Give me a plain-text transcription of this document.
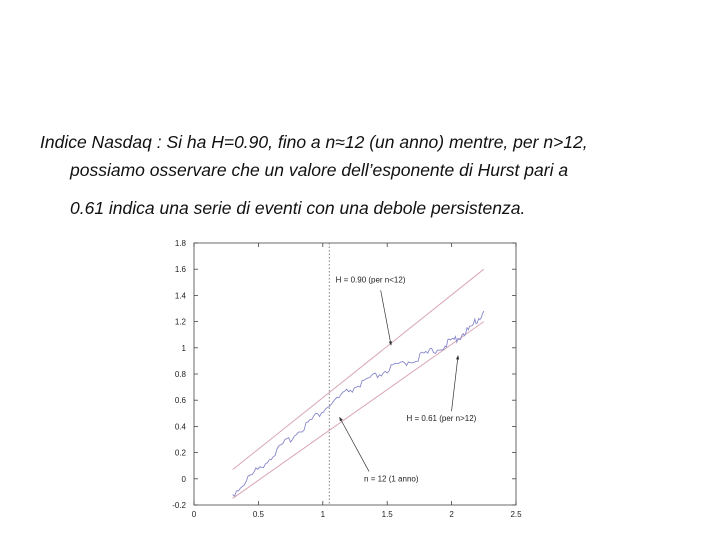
Indice Nasdaq : Si ha H=0.90, fino a n≈12 (un anno) mentre, per n>12,

possiamo osservare che un valore dell’esponente di Hurst pari a
0.61 indica una serie di eventi con una debole persistenza.
-0.2
0
0.2
0.4
0.6
0.8
1
1.2
1.4
1.6
1.8
0	0.5	1	1.5	2	2.5
H = 0.90 (per n<12)
H = 0.61 (per n>12)
n = 12 (1 anno)
